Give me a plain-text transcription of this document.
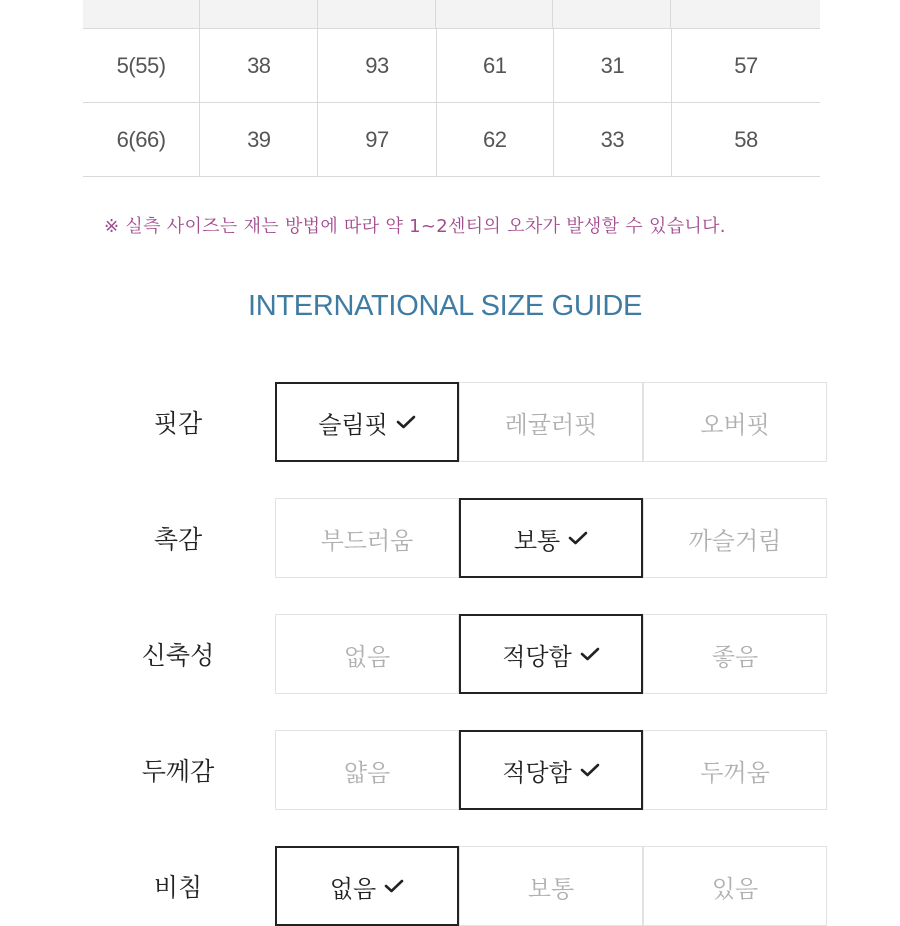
5(55)	38	93	61	31	57
6(66)	39	97	62	33	58
※ 실측 사이즈는 재는 방법에 따라 약 1~2센티의 오차가 발생할 수 있습니다.
INTERNATIONAL SIZE GUIDE
핏감	슬림핏	레귤러핏	오버핏
촉감	부드러움	보통	까슬거림
신축성	없음	적당함	좋음
두께감	얇음	적당함	두꺼움
비침	없음	보통	있음
